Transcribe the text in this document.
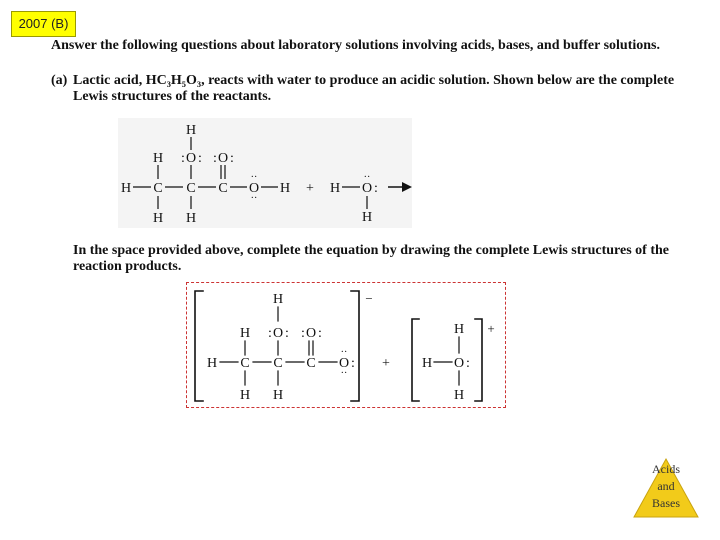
2007 (B)
Answer the following questions about laboratory solutions involving acids, bases, and buffer solutions.
(a) Lactic acid, HC₃H₅O₃, reacts with water to produce an acidic solution. Shown below are the complete
Lewis structures of the reactants.
H
H : O : : O :
H C C C
··
O
··
H + H
··
O :
H H	H
In the space provided above, complete the equation by drawing the complete Lewis structures of the
reaction products.
H
H : O : : O :
H C C C
··
O
··
:
H H
−
+
H
H O :
H
+
Acids
and
Bases
